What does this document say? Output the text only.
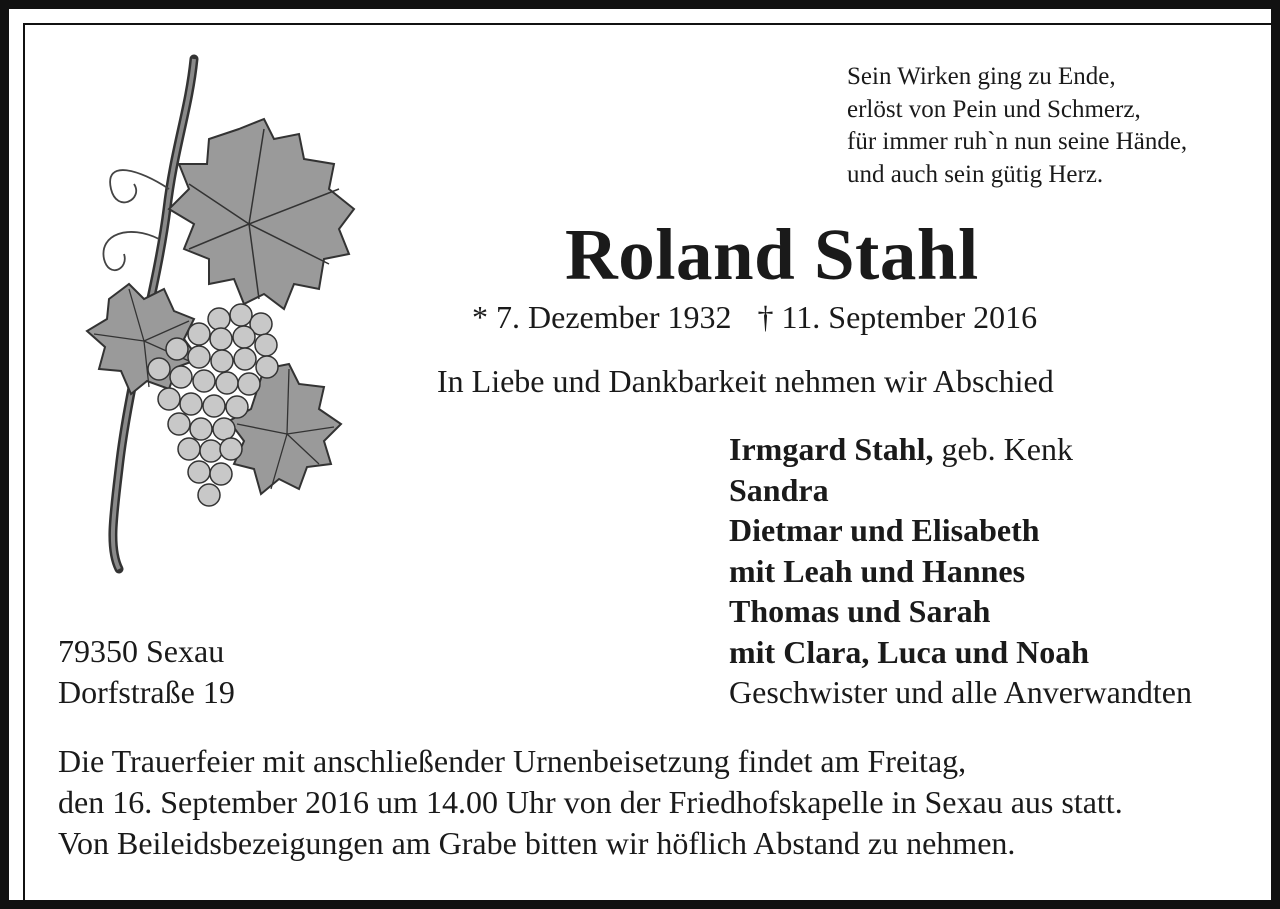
Sein Wirken ging zu Ende,
erlöst von Pein und Schmerz,
für immer ruh`n nun seine Hände,
und auch sein gütig Herz.
Roland Stahl
* 7. Dezember 1932 † 11. September 2016
In Liebe und Dankbarkeit nehmen wir Abschied
Irmgard Stahl, geb. Kenk
Sandra
Dietmar und Elisabeth
mit Leah und Hannes
Thomas und Sarah
mit Clara, Luca und Noah
Geschwister und alle Anverwandten
79350 Sexau
Dorfstraße 19
Die Trauerfeier mit anschließender Urnenbeisetzung findet am Freitag,
den 16. September 2016 um 14.00 Uhr von der Friedhofskapelle in Sexau aus statt.
Von Beileidsbezeigungen am Grabe bitten wir höflich Abstand zu nehmen.
